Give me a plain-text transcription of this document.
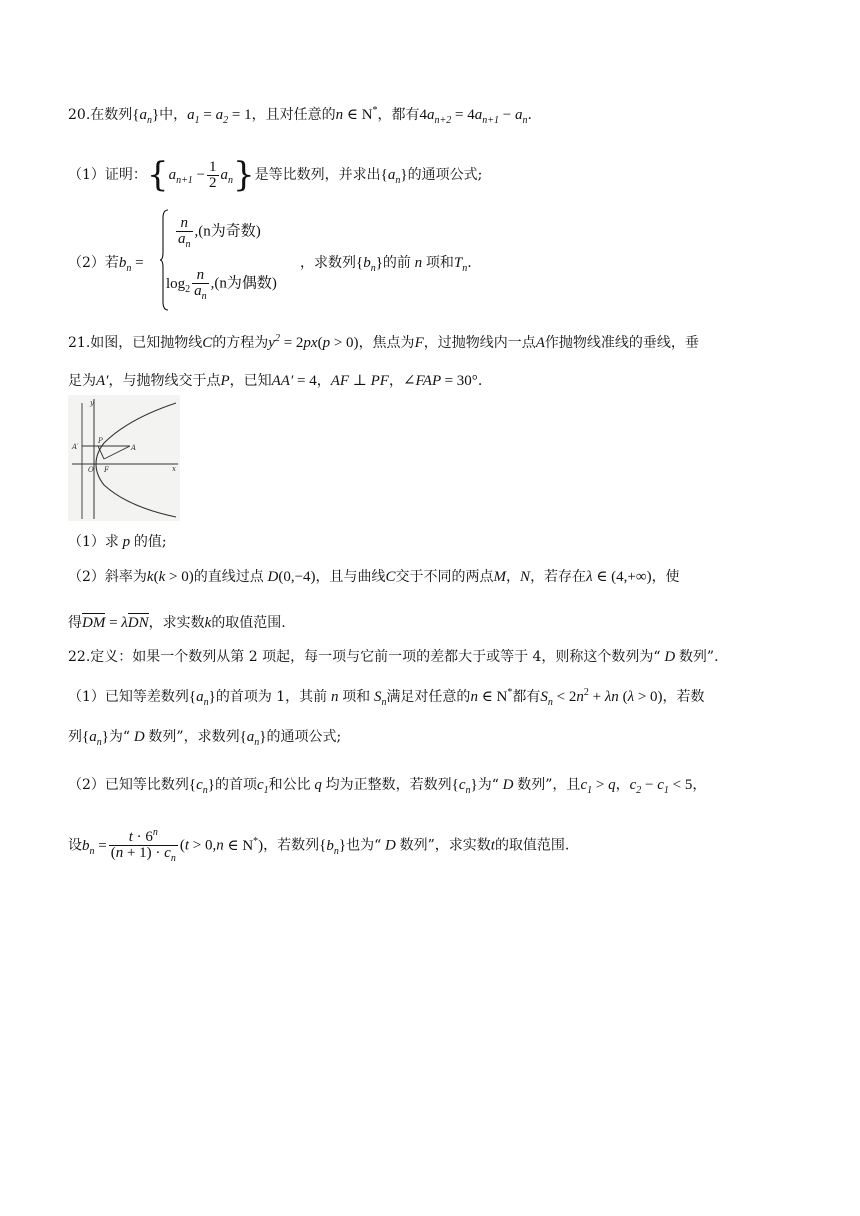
20.在数列$\{a_n\}$中，$a_1 = a_2 = 1$，且对任意的n ∈ N*，都有$4a_{n+2} = 4a_{n+1} - a_n$.
（1）证明：$\{a_{n+1} - \frac{1}{2} a_n\}$是等比数列，并求出$\{a_n\}$的通项公式;
（2）若$b_n$ =
$\frac{n}{a_n} ,(n$为奇数)
$\log_2 \frac{n}{a_n} ,(n$为偶数)
，求数列$\{b_n\}$的前 n 项和$T_n$.
21.如图，已知抛物线C的方程为$y^2 = 2px(p > 0)$，焦点为F，过抛物线内一点A作抛物线准线的垂线，垂
足为A′，与抛物线交于点P，已知AA′ = 4，AF ⊥ PF，∠FAP = 30°.
y
x
A′
P
A
O F
（1）求 p 的值;
（2）斜率为k(k > 0)的直线过点 D(0,−4)，且与曲线C交于不同的两点M，N，若存在λ ∈ (4,+∞)，使
得DM = λDN，求实数k的取值范围.
22.定义：如果一个数列从第 2 项起，每一项与它前一项的差都大于或等于 4，则称这个数列为“ D 数列”.
（1）已知等差数列$\{a_n\}$的首项为 1，其前 n 项和 $S_n$满足对任意的n ∈ N*都有$S_n < 2n^2 + \lambda n$ (λ > 0)，若数
列$\{a_n\}$为“ D 数列”，求数列$\{a_n\}$的通项公式;
（2）已知等比数列$\{c_n\}$的首项$c_1$和公比 q 均为正整数，若数列$\{c_n\}$为“ D 数列”，且$c_1 > q$，$c_2 - c_1 < 5$，
设$b_n = \frac{t \cdot 6^n}{(n + 1) \cdot c_n} (t > 0,n$ ∈ N*)，若数列$\{b_n\}$也为“ D 数列”，求实数t的取值范围.
